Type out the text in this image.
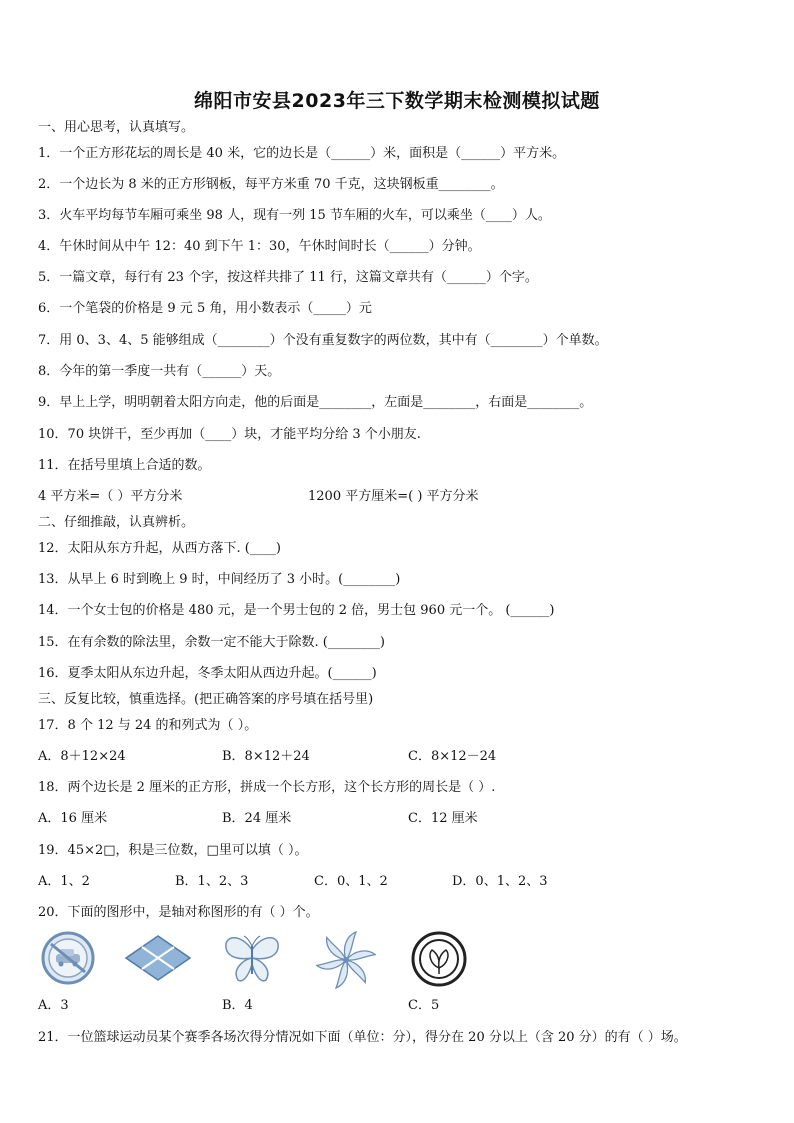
绵阳市安县2023年三下数学期末检测模拟试题
一、用心思考，认真填写。
1．一个正方形花坛的周长是 40 米，它的边长是（______）米，面积是（______）平方米。
2．一个边长为 8 米的正方形钢板，每平方米重 70 千克，这块钢板重________。
3．火车平均每节车厢可乘坐 98 人，现有一列 15 节车厢的火车，可以乘坐（____）人。
4．午休时间从中午 12：40 到下午 1：30，午休时间时长（______）分钟。
5．一篇文章，每行有 23 个字，按这样共排了 11 行，这篇文章共有（______）个字。
6．一个笔袋的价格是 9 元 5 角，用小数表示（_____）元
7．用 0、3、4、5 能够组成（________）个没有重复数字的两位数，其中有（________）个单数。
8．今年的第一季度一共有（______）天。
9．早上上学，明明朝着太阳方向走，他的后面是________，左面是________，右面是________。
10．70 块饼干，至少再加（____）块，才能平均分给 3 个小朋友.
11．在括号里填上合适的数。
4 平方米=（ ）平方分米	1200 平方厘米=( ) 平方分米
二、仔细推敲，认真辨析。
12．太阳从东方升起，从西方落下. (____)
13．从早上 6 时到晚上 9 时，中间经历了 3 小时。(________)
14．一个女士包的价格是 480 元，是一个男士包的 2 倍，男士包 960 元一个。 (______)
15．在有余数的除法里，余数一定不能大于除数. (________)
16．夏季太阳从东边升起，冬季太阳从西边升起。(______)
三、反复比较，慎重选择。(把正确答案的序号填在括号里)
17．8 个 12 与 24 的和列式为（ ）。
A．8＋12×24	B．8×12＋24	C．8×12－24
18．两个边长是 2 厘米的正方形，拼成一个长方形，这个长方形的周长是（ ）.
A．16 厘米	B．24 厘米	C．12 厘米
19．45×2□，积是三位数，□里可以填（ ）。
A．1、2	B．1、2、3	C．0、1、2	D．0、1、2、3
20．下面的图形中，是轴对称图形的有（ ）个。
A．3	B．4	C．5
21．一位篮球运动员某个赛季各场次得分情况如下面（单位：分），得分在 20 分以上（含 20 分）的有（ ）场。
